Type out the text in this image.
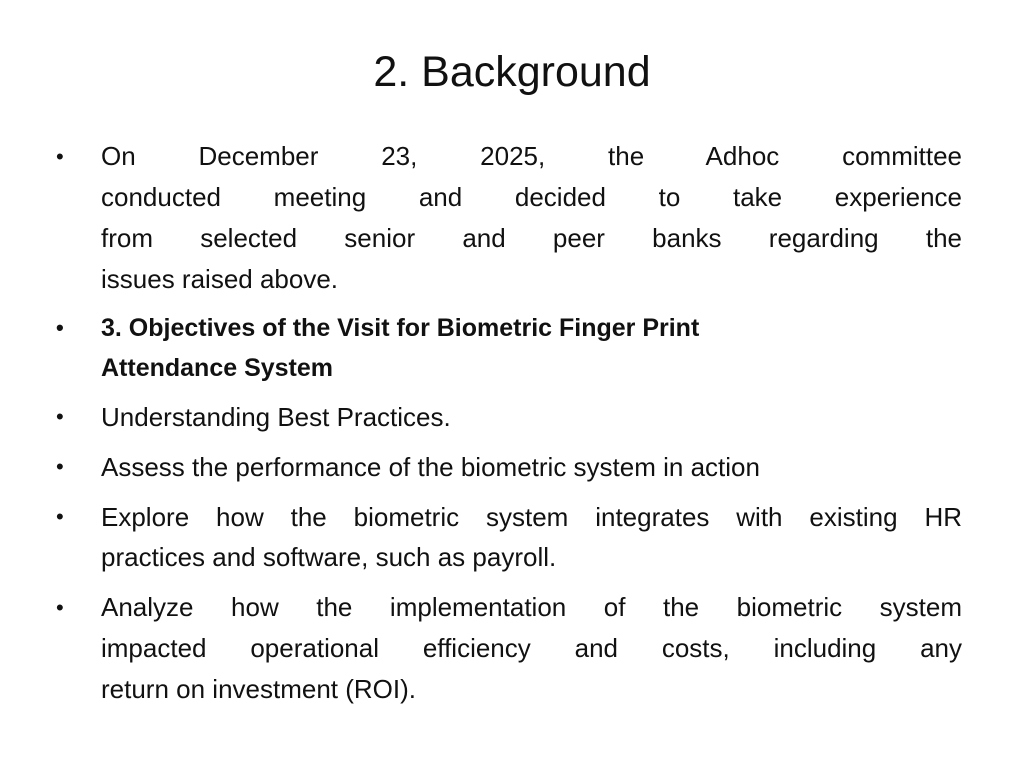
2. Background
•	On December 23, 2025, the Adhoc committee
conducted meeting and decided to take experience
from selected senior and peer banks regarding the
issues raised above.
•	3. Objectives of the Visit for Biometric Finger Print
Attendance System
•	Understanding Best Practices.
•	Assess the performance of the biometric system in action
•	Explore how the biometric system integrates with existing HR
practices and software, such as payroll.
•	Analyze how the implementation of the biometric system
impacted operational efficiency and costs, including any
return on investment (ROI).
